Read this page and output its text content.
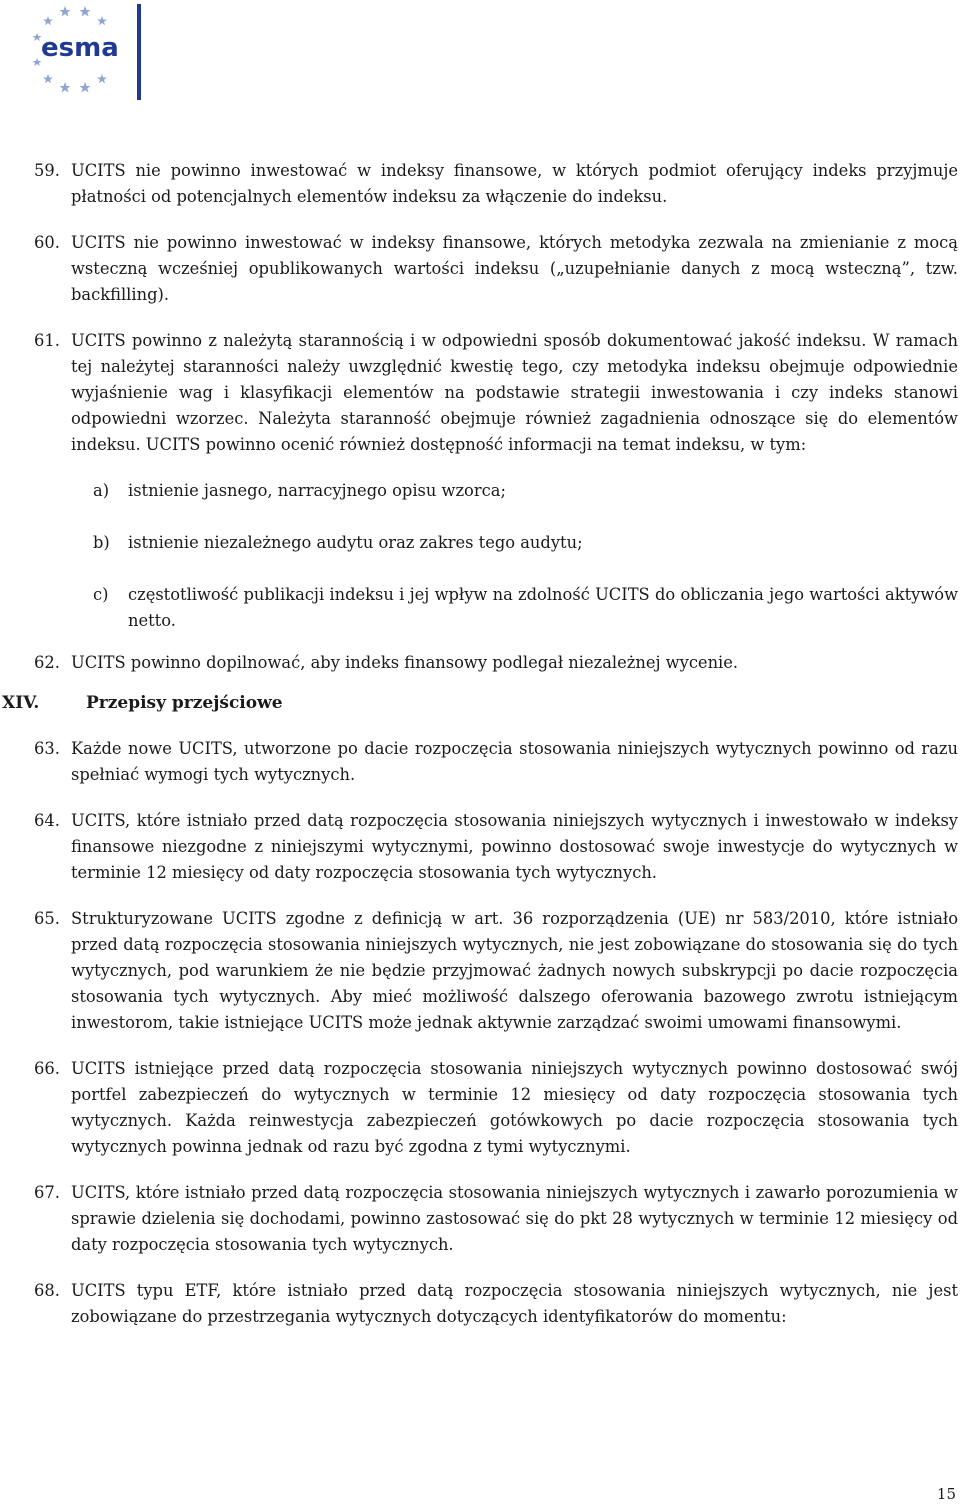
esma

59. UCITS nie powinno inwestować w indeksy finansowe, w których podmiot oferujący indeks przyjmuje płatności od potencjalnych elementów indeksu za włączenie do indeksu.

60. UCITS nie powinno inwestować w indeksy finansowe, których metodyka zezwala na zmienianie z mocą wsteczną wcześniej opublikowanych wartości indeksu („uzupełnianie danych z mocą wsteczną”, tzw. backfilling).

61. UCITS powinno z należytą starannością i w odpowiedni sposób dokumentować jakość indeksu. W ramach tej należytej staranności należy uwzględnić kwestię tego, czy metodyka indeksu obejmuje odpowiednie wyjaśnienie wag i klasyfikacji elementów na podstawie strategii inwestowania i czy indeks stanowi odpowiedni wzorzec. Należyta staranność obejmuje również zagadnienia odnoszące się do elementów indeksu. UCITS powinno ocenić również dostępność informacji na temat indeksu, w tym:

a) istnienie jasnego, narracyjnego opisu wzorca;

b) istnienie niezależnego audytu oraz zakres tego audytu;

c) częstotliwość publikacji indeksu i jej wpływ na zdolność UCITS do obliczania jego wartości aktywów netto.

62. UCITS powinno dopilnować, aby indeks finansowy podlegał niezależnej wycenie.

XIV.	Przepisy przejściowe

63. Każde nowe UCITS, utworzone po dacie rozpoczęcia stosowania niniejszych wytycznych powinno od razu spełniać wymogi tych wytycznych.

64. UCITS, które istniało przed datą rozpoczęcia stosowania niniejszych wytycznych i inwestowało w indeksy finansowe niezgodne z niniejszymi wytycznymi, powinno dostosować swoje inwestycje do wytycznych w terminie 12 miesięcy od daty rozpoczęcia stosowania tych wytycznych.

65. Strukturyzowane UCITS zgodne z definicją w art. 36 rozporządzenia (UE) nr 583/2010, które istniało przed datą rozpoczęcia stosowania niniejszych wytycznych, nie jest zobowiązane do stosowania się do tych wytycznych, pod warunkiem że nie będzie przyjmować żadnych nowych subskrypcji po dacie rozpoczęcia stosowania tych wytycznych. Aby mieć możliwość dalszego oferowania bazowego zwrotu istniejącym inwestorom, takie istniejące UCITS może jednak aktywnie zarządzać swoimi umowami finansowymi.

66. UCITS istniejące przed datą rozpoczęcia stosowania niniejszych wytycznych powinno dostosować swój portfel zabezpieczeń do wytycznych w terminie 12 miesięcy od daty rozpoczęcia stosowania tych wytycznych. Każda reinwestycja zabezpieczeń gotówkowych po dacie rozpoczęcia stosowania tych wytycznych powinna jednak od razu być zgodna z tymi wytycznymi.

67. UCITS, które istniało przed datą rozpoczęcia stosowania niniejszych wytycznych i zawarło porozumienia w sprawie dzielenia się dochodami, powinno zastosować się do pkt 28 wytycznych w terminie 12 miesięcy od daty rozpoczęcia stosowania tych wytycznych.

68. UCITS typu ETF, które istniało przed datą rozpoczęcia stosowania niniejszych wytycznych, nie jest zobowiązane do przestrzegania wytycznych dotyczących identyfikatorów do momentu:

15
